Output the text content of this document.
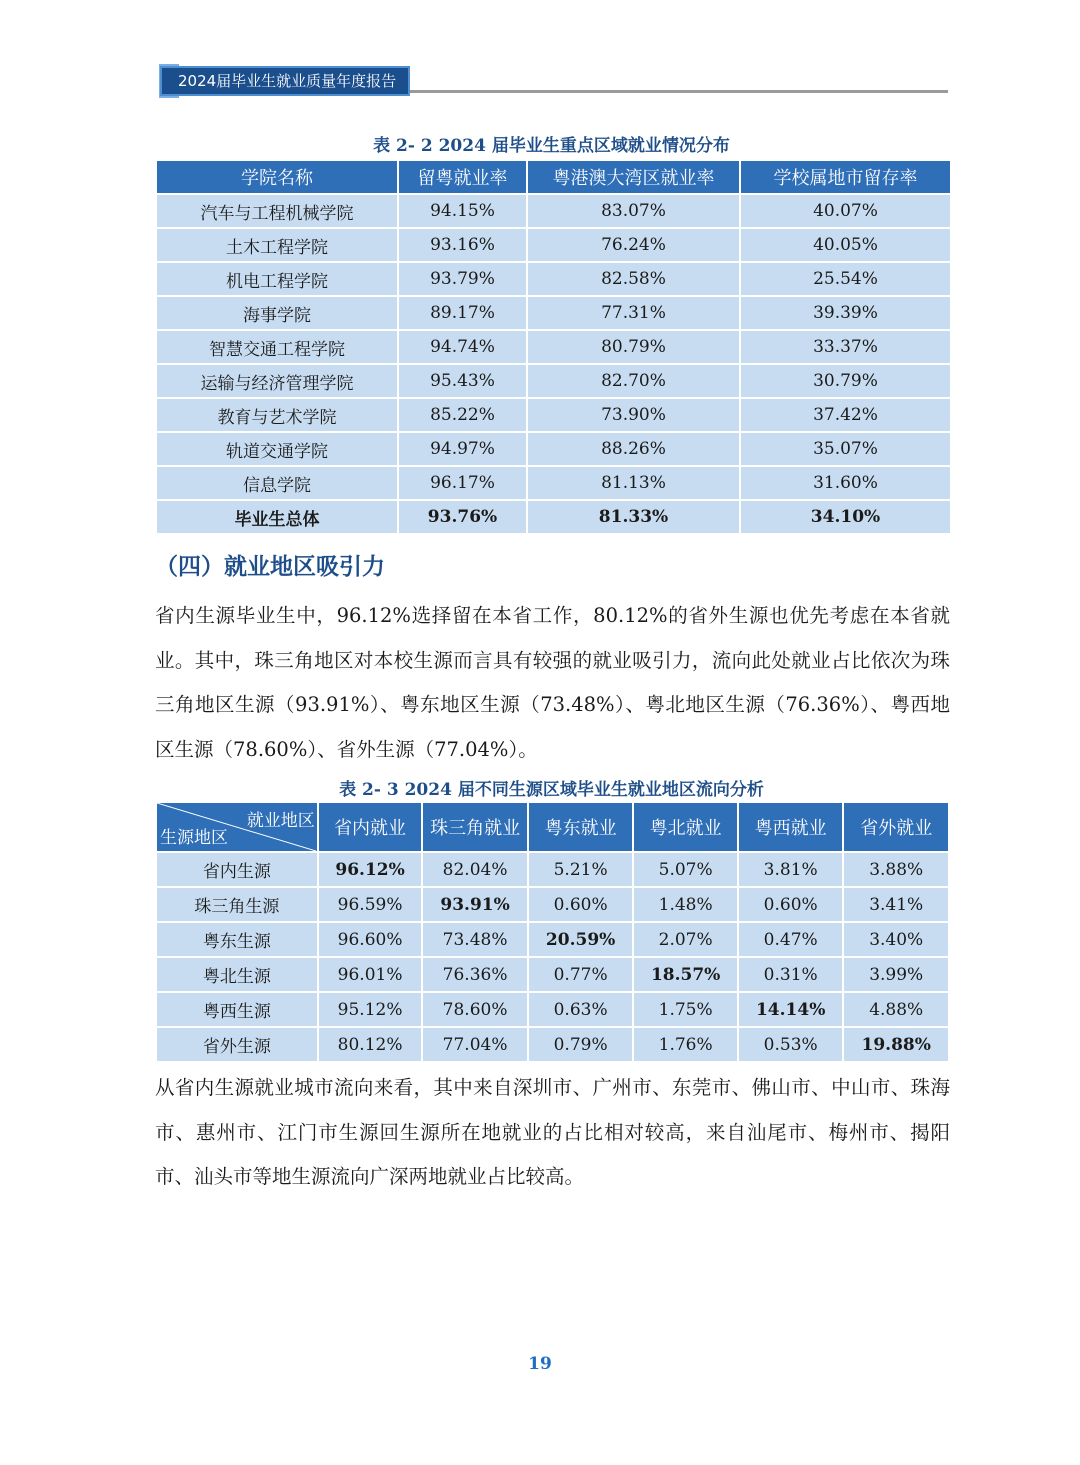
2024届毕业生就业质量年度报告
表 2- 2 2024 届毕业生重点区域就业情况分布
学院名称	留粤就业率	粤港澳大湾区就业率	学校属地市留存率
汽车与工程机械学院	94.15%	83.07%	40.07%
土木工程学院	93.16%	76.24%	40.05%
机电工程学院	93.79%	82.58%	25.54%
海事学院	89.17%	77.31%	39.39%
智慧交通工程学院	94.74%	80.79%	33.37%
运输与经济管理学院	95.43%	82.70%	30.79%
教育与艺术学院	85.22%	73.90%	37.42%
轨道交通学院	94.97%	88.26%	35.07%
信息学院	96.17%	81.13%	31.60%
毕业生总体	93.76%	81.33%	34.10%
（四）就业地区吸引力

省内生源毕业生中，96.12%选择留在本省工作，80.12%的省外生源也优先考虑在本省就业。其中，珠三角地区对本校生源而言具有较强的就业吸引力，流向此处就业占比依次为珠三角地区生源（93.91%）、粤东地区生源（73.48%）、粤北地区生源（76.36%）、粤西地区生源（78.60%）、省外生源（77.04%）。

表 2- 3 2024 届不同生源区域毕业生就业地区流向分析
就业地区
生源地区	省内就业	珠三角就业	粤东就业	粤北就业	粤西就业	省外就业
省内生源	96.12%	82.04%	5.21%	5.07%	3.81%	3.88%
珠三角生源	96.59%	93.91%	0.60%	1.48%	0.60%	3.41%
粤东生源	96.60%	73.48%	20.59%	2.07%	0.47%	3.40%
粤北生源	96.01%	76.36%	0.77%	18.57%	0.31%	3.99%
粤西生源	95.12%	78.60%	0.63%	1.75%	14.14%	4.88%
省外生源	80.12%	77.04%	0.79%	1.76%	0.53%	19.88%

从省内生源就业城市流向来看，其中来自深圳市、广州市、东莞市、佛山市、中山市、珠海市、惠州市、江门市生源回生源所在地就业的占比相对较高，来自汕尾市、梅州市、揭阳市、汕头市等地生源流向广深两地就业占比较高。

19
